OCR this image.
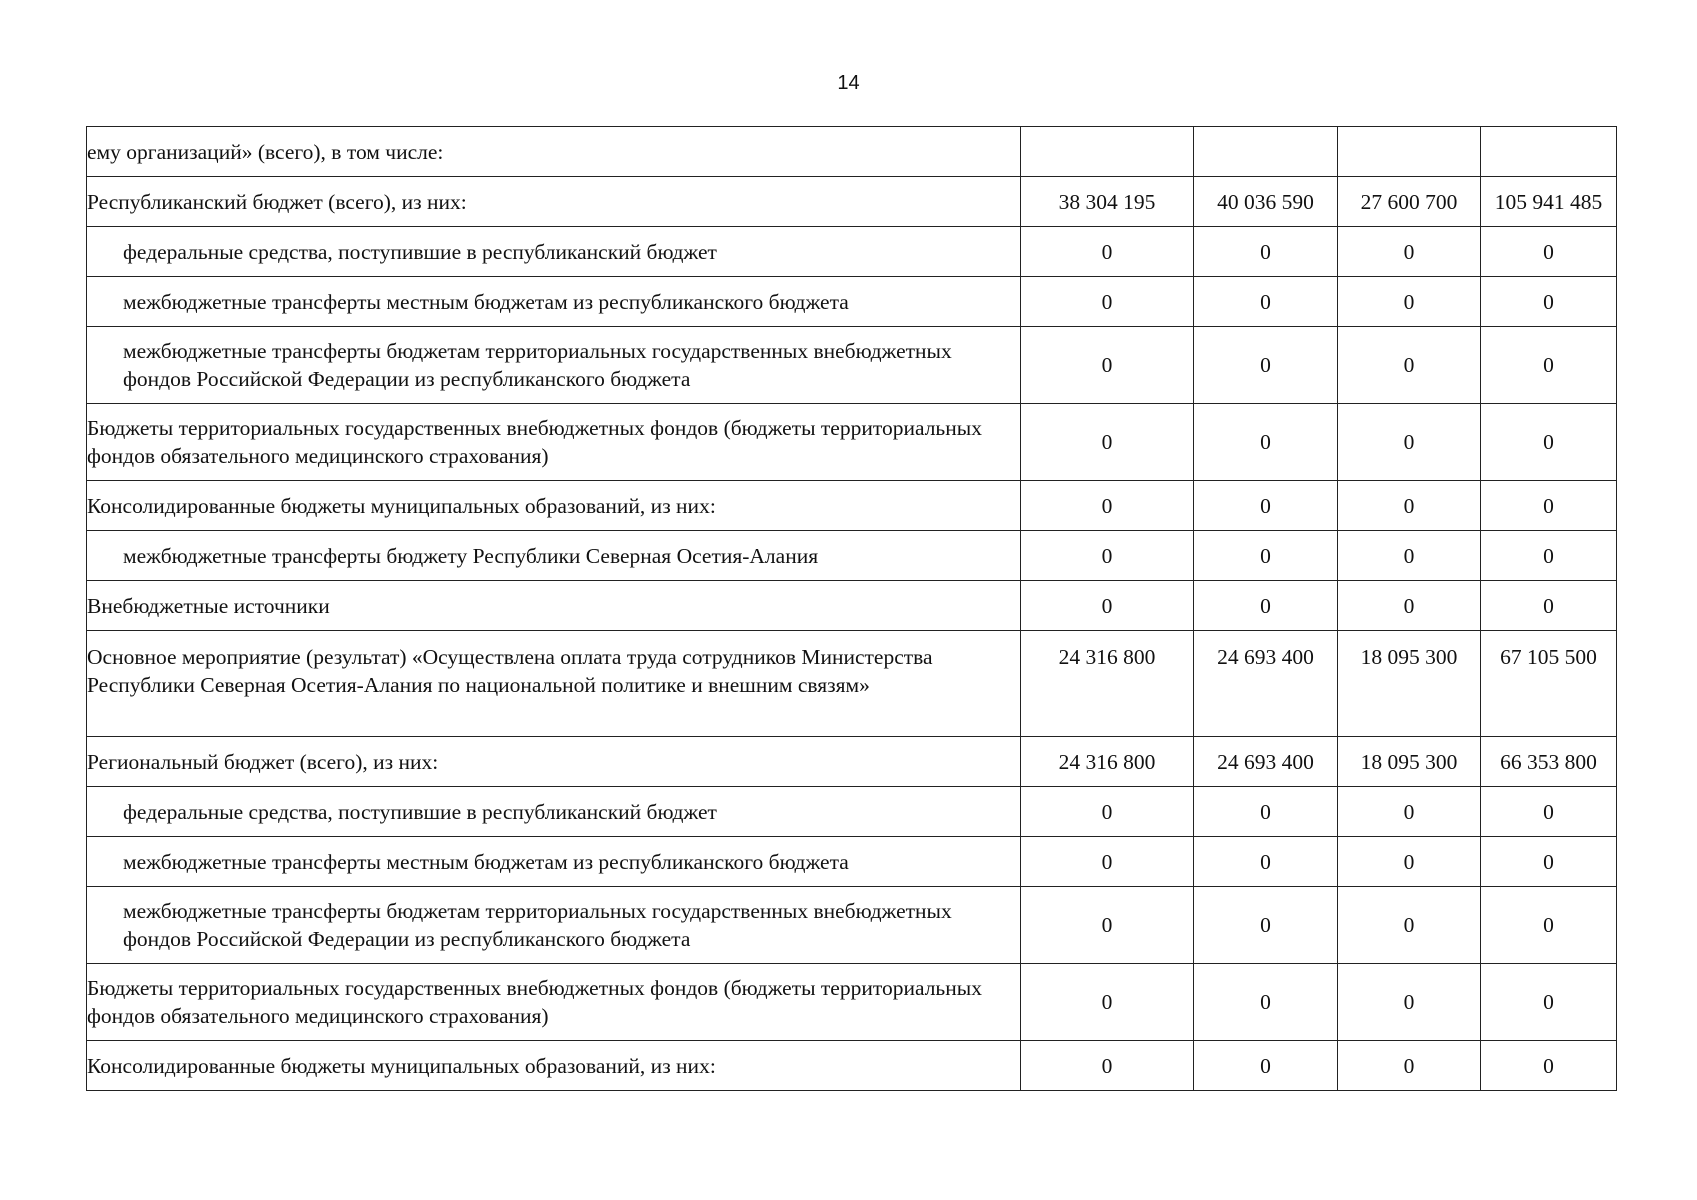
14
ему организаций» (всего), в том числе:				
Республиканский бюджет (всего), из них:	38 304 195	40 036 590	27 600 700	105 941 485
федеральные средства, поступившие в республиканский бюджет	0	0	0	0
межбюджетные трансферты местным бюджетам из республиканского бюджета	0	0	0	0
межбюджетные трансферты бюджетам территориальных государственных внебюджетных фондов Российской Федерации из республиканского бюджета	0	0	0	0
Бюджеты территориальных государственных внебюджетных фондов (бюджеты территориальных фондов обязательного медицинского страхования)	0	0	0	0
Консолидированные бюджеты муниципальных образований, из них:	0	0	0	0
межбюджетные трансферты бюджету Республики Северная Осетия-Алания	0	0	0	0
Внебюджетные источники	0	0	0	0
Основное мероприятие (результат) «Осуществлена оплата труда сотрудников Министерства Республики Северная Осетия-Алания по национальной политике и внешним связям»	24 316 800	24 693 400	18 095 300	67 105 500
Региональный бюджет (всего), из них:	24 316 800	24 693 400	18 095 300	66 353 800
федеральные средства, поступившие в республиканский бюджет	0	0	0	0
межбюджетные трансферты местным бюджетам из республиканского бюджета	0	0	0	0
межбюджетные трансферты бюджетам территориальных государственных внебюджетных фондов Российской Федерации из республиканского бюджета	0	0	0	0
Бюджеты территориальных государственных внебюджетных фондов (бюджеты территориальных фондов обязательного медицинского страхования)	0	0	0	0
Консолидированные бюджеты муниципальных образований, из них:	0	0	0	0
